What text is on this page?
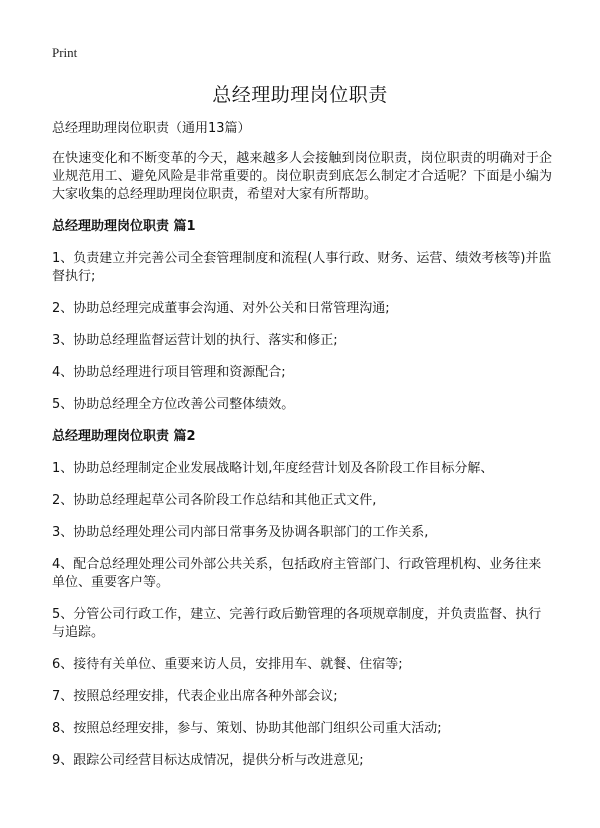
Print
总经理助理岗位职责

总经理助理岗位职责（通用13篇）

在快速变化和不断变革的今天，越来越多人会接触到岗位职责，岗位职责的明确对于企业规范用工、避免风险是非常重要的。岗位职责到底怎么制定才合适呢？下面是小编为大家收集的总经理助理岗位职责，希望对大家有所帮助。

总经理助理岗位职责 篇1

1、负责建立并完善公司全套管理制度和流程(人事行政、财务、运营、绩效考核等)并监督执行;

2、协助总经理完成董事会沟通、对外公关和日常管理沟通;

3、协助总经理监督运营计划的执行、落实和修正;

4、协助总经理进行项目管理和资源配合;

5、协助总经理全方位改善公司整体绩效。

总经理助理岗位职责 篇2

1、协助总经理制定企业发展战略计划,年度经营计划及各阶段工作目标分解、

2、协助总经理起草公司各阶段工作总结和其他正式文件,

3、协助总经理处理公司内部日常事务及协调各职部门的工作关系,

4、配合总经理处理公司外部公共关系，包括政府主管部门、行政管理机构、业务往来单位、重要客户等。

5、分管公司行政工作，建立、完善行政后勤管理的各项规章制度，并负责监督、执行与追踪。

6、接待有关单位、重要来访人员，安排用车、就餐、住宿等;

7、按照总经理安排，代表企业出席各种外部会议;

8、按照总经理安排，参与、策划、协助其他部门组织公司重大活动;

9、跟踪公司经营目标达成情况，提供分析与改进意见;
